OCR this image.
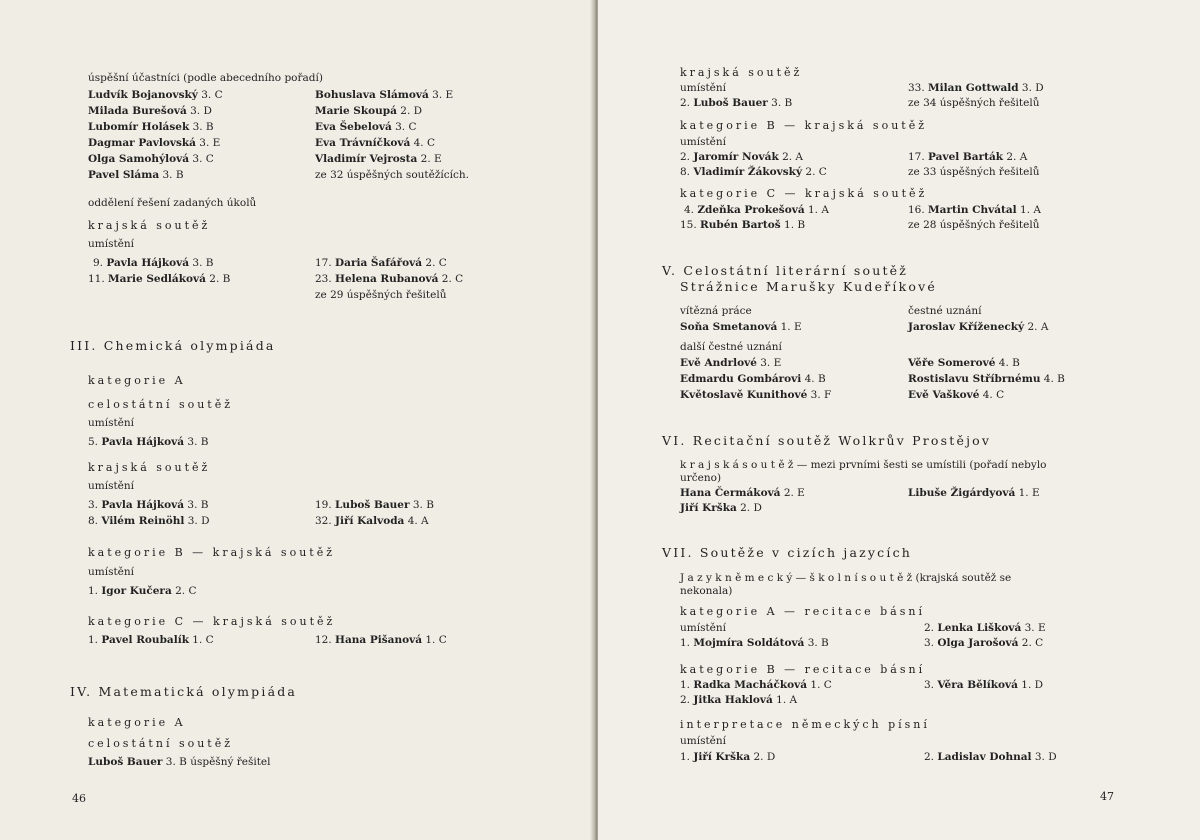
46
úspěšní účastníci (podle abecedního pořadí)
Ludvík Bojanovský 3. C	Bohuslava Slámová 3. E
Milada Burešová 3. D	Marie Skoupá 2. D
Lubomír Holásek 3. B	Eva Šebelová 3. C
Dagmar Pavlovská 3. E	Eva Trávníčková 4. C
Olga Samohýlová 3. C	Vladimír Vejrosta 2. E
Pavel Sláma 3. B	ze 32 úspěšných soutěžících.
oddělení řešení zadaných úkolů
krajská soutěž
umístění
9. Pavla Hájková 3. B	17. Daria Šafářová 2. C
11. Marie Sedláková 2. B	23. Helena Rubanová 2. C
ze 29 úspěšných řešitelů
III. Chemická olympiáda
kategorie A
celostátní soutěž
umístění
5. Pavla Hájková 3. B
krajská soutěž
umístění
3. Pavla Hájková 3. B	19. Luboš Bauer 3. B
8. Vilém Reinöhl 3. D	32. Jiří Kalvoda 4. A
kategorie B — krajská soutěž
umístění
1. Igor Kučera 2. C
kategorie C — krajská soutěž
1. Pavel Roubalík 1. C	12. Hana Pišanová 1. C
IV. Matematická olympiáda
kategorie A
celostátní soutěž
Luboš Bauer 3. B úspěšný řešitel
47
krajská soutěž
umístění	33. Milan Gottwald 3. D
2. Luboš Bauer 3. B	ze 34 úspěšných řešitelů
kategorie B — krajská soutěž
umístění
2. Jaromír Novák 2. A	17. Pavel Barták 2. A
8. Vladimír Žákovský 2. C	ze 33 úspěšných řešitelů
kategorie C — krajská soutěž
4. Zdeňka Prokešová 1. A	16. Martin Chvátal 1. A
15. Rubén Bartoš 1. B	ze 28 úspěšných řešitelů
V. Celostátní literární soutěž
Strážnice Marušky Kudeříkové
vítězná práce	čestné uznání
Soňa Smetanová 1. E	Jaroslav Kříženecký 2. A
další čestné uznání
Evě Andrlové 3. E	Věře Somerové 4. B
Edmardu Gombárovi 4. B	Rostislavu Stříbrnému 4. B
Květoslavě Kunithové 3. F	Evě Vaškové 4. C
VI. Recitační soutěž Wolkrův Prostějov
k r a j s k á s o u t ě ž — mezi prvními šesti se umístili (pořadí nebylo
určeno)
Hana Čermáková 2. E	Libuše Žigárdyová 1. E
Jiří Krška 2. D
VII. Soutěže v cizích jazycích
J a z y k n ě m e c k ý — š k o l n í s o u t ě ž (krajská soutěž se
nekonala)
kategorie A — recitace básní
umístění	2. Lenka Lišková 3. E
1. Mojmíra Soldátová 3. B	3. Olga Jarošová 2. C
kategorie B — recitace básní
1. Radka Macháčková 1. C	3. Věra Bělíková 1. D
2. Jitka Haklová 1. A
interpretace německých písní
umístění
1. Jiří Krška 2. D	2. Ladislav Dohnal 3. D
